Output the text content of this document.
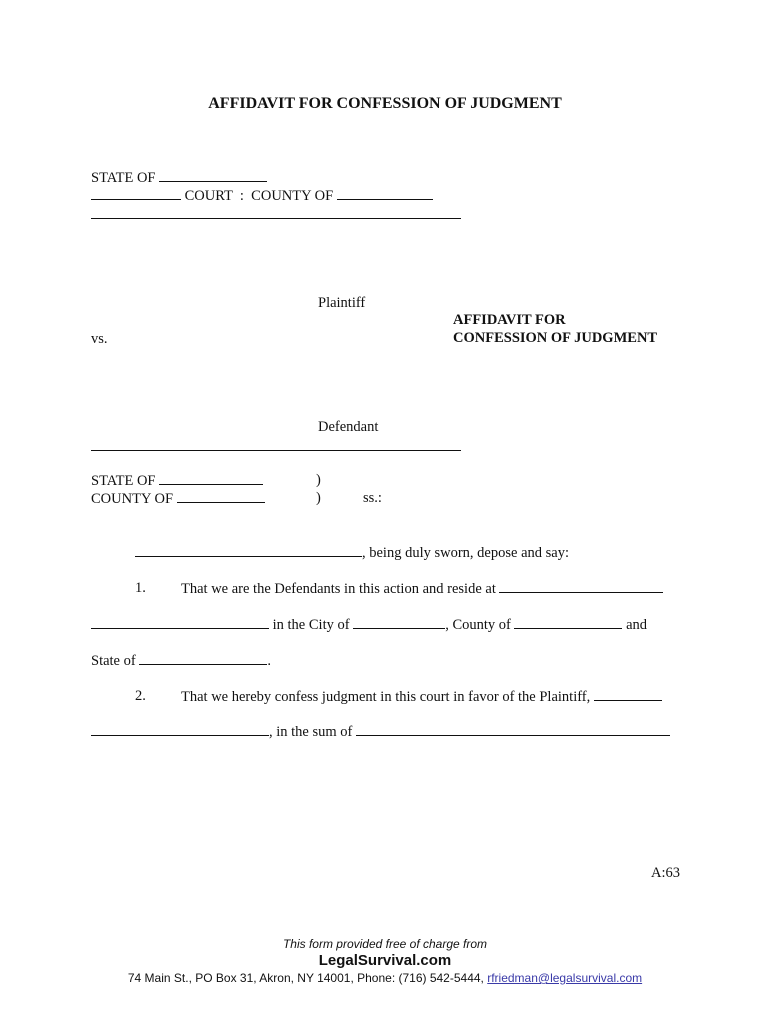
AFFIDAVIT FOR CONFESSION OF JUDGMENT
STATE OF
COURT : COUNTY OF
Plaintiff
AFFIDAVIT FOR
CONFESSION OF JUDGMENT
vs.
Defendant
STATE OF
COUNTY OF
)
)	ss.:
, being duly sworn, depose and say:
1. That we are the Defendants in this action and reside at
in the City of	, County of	and
State of	.
2. That we hereby confess judgment in this court in favor of the Plaintiff,
, in the sum of
A:63
This form provided free of charge from
LegalSurvival.com
74 Main St., PO Box 31, Akron, NY 14001, Phone: (716) 542-5444, rfriedman@legalsurvival.com
